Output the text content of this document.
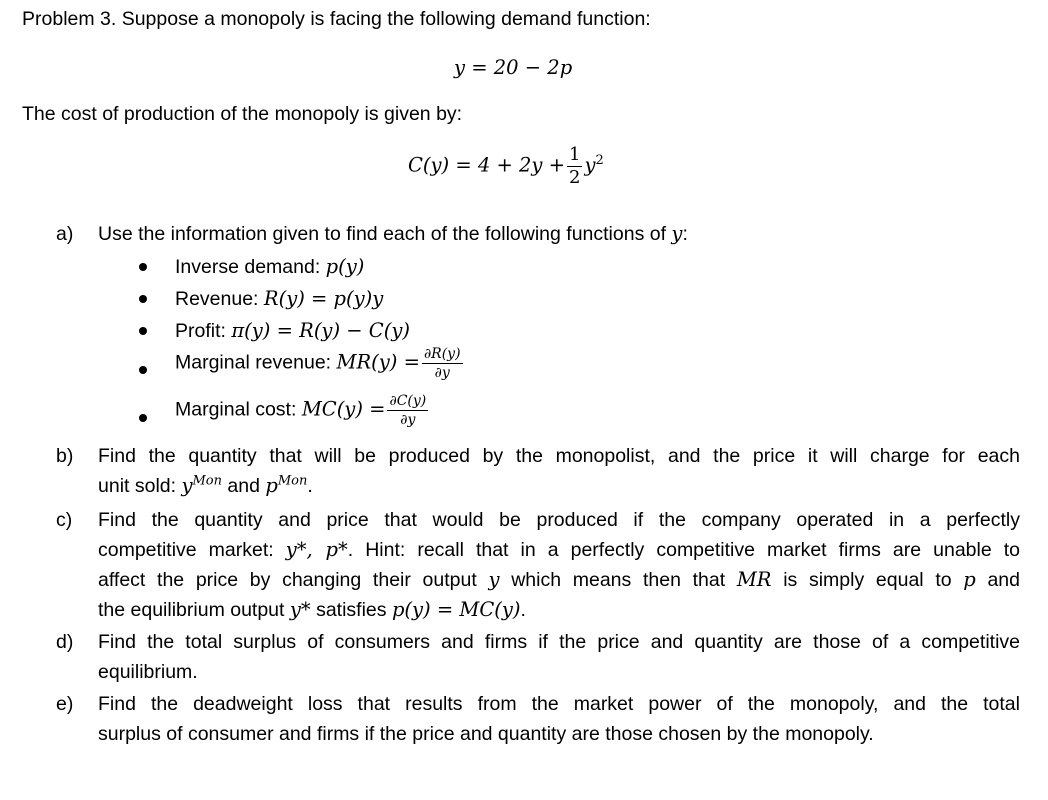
Problem 3. Suppose a monopoly is facing the following demand function:
y = 20 − 2p
The cost of production of the monopoly is given by:
$C(y) = 4 + 2y + \frac{1}{2} y^2$
a) Use the information given to find each of the following functions of y:
Inverse demand: p(y)
Revenue: R(y) = p(y)y
Profit: π(y) = R(y) − C(y)
Marginal revenue: $MR(y) = \frac{\partial R(y)}{\partial y}$
Marginal cost: $MC(y) = \frac{\partial C(y)}{\partial y}$
b) Find the quantity that will be produced by the monopolist, and the price it will charge for each

unit sold: $y^{Mon}$ and $p^{Mon}$.

c) Find the quantity and price that would be produced if the company operated in a perfectly

competitive market: y*, p*. Hint: recall that in a perfectly competitive market firms are unable to

affect the price by changing their output y which means then that MR is simply equal to p and

the equilibrium output y* satisfies p(y) = MC(y).

d) Find the total surplus of consumers and firms if the price and quantity are those of a competitive

equilibrium.

e) Find the deadweight loss that results from the market power of the monopoly, and the total

surplus of consumer and firms if the price and quantity are those chosen by the monopoly.
